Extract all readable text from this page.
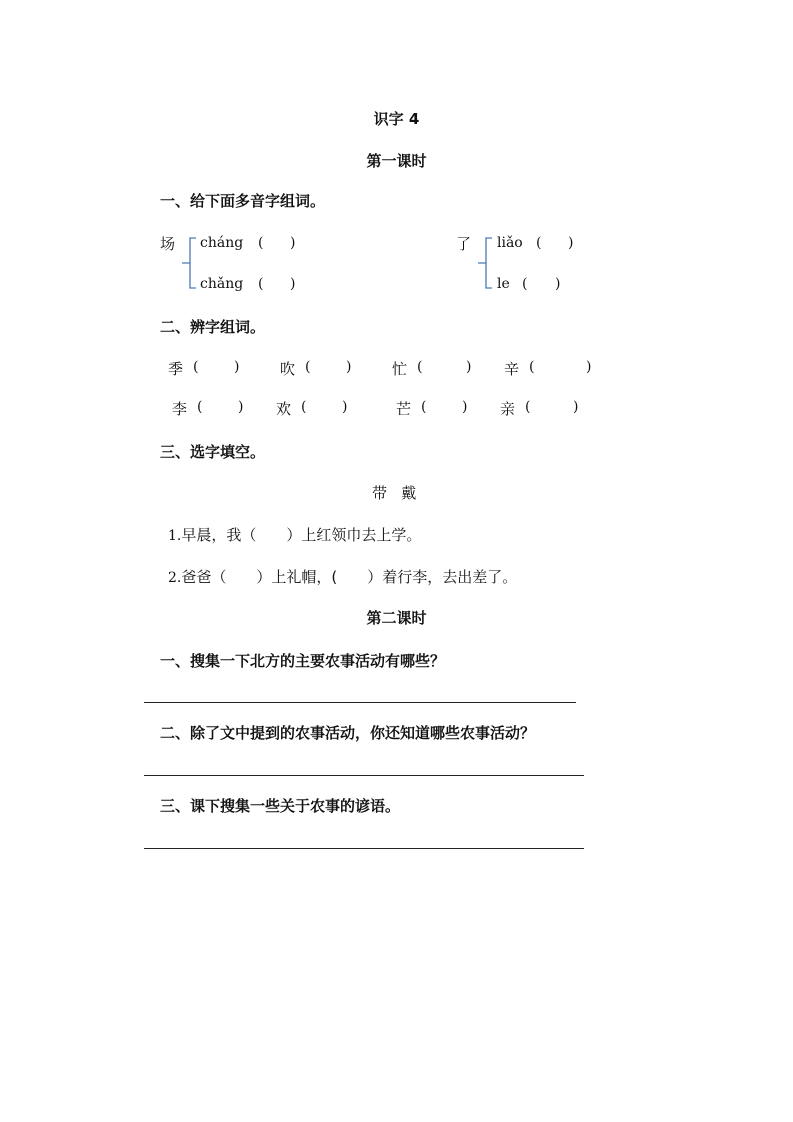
识字 4
第一课时
一、给下面多音字组词。
场 cháng ( )
chǎng ( )
了 liǎo ( )
le ( )
二、辨字组词。
季 (	)	吹 (	)	忙 (	) 辛 (	)
李 (	) 欢 (	)	芒 (	) 亲 (	)
三、选字填空。
带   戴
1.早晨，我（　　）上红领巾去上学。
2.爸爸（　　）上礼帽，(　　）着行李，去出差了。
第二课时
一、搜集一下北方的主要农事活动有哪些？
二、除了文中提到的农事活动，你还知道哪些农事活动？
三、课下搜集一些关于农事的谚语。
